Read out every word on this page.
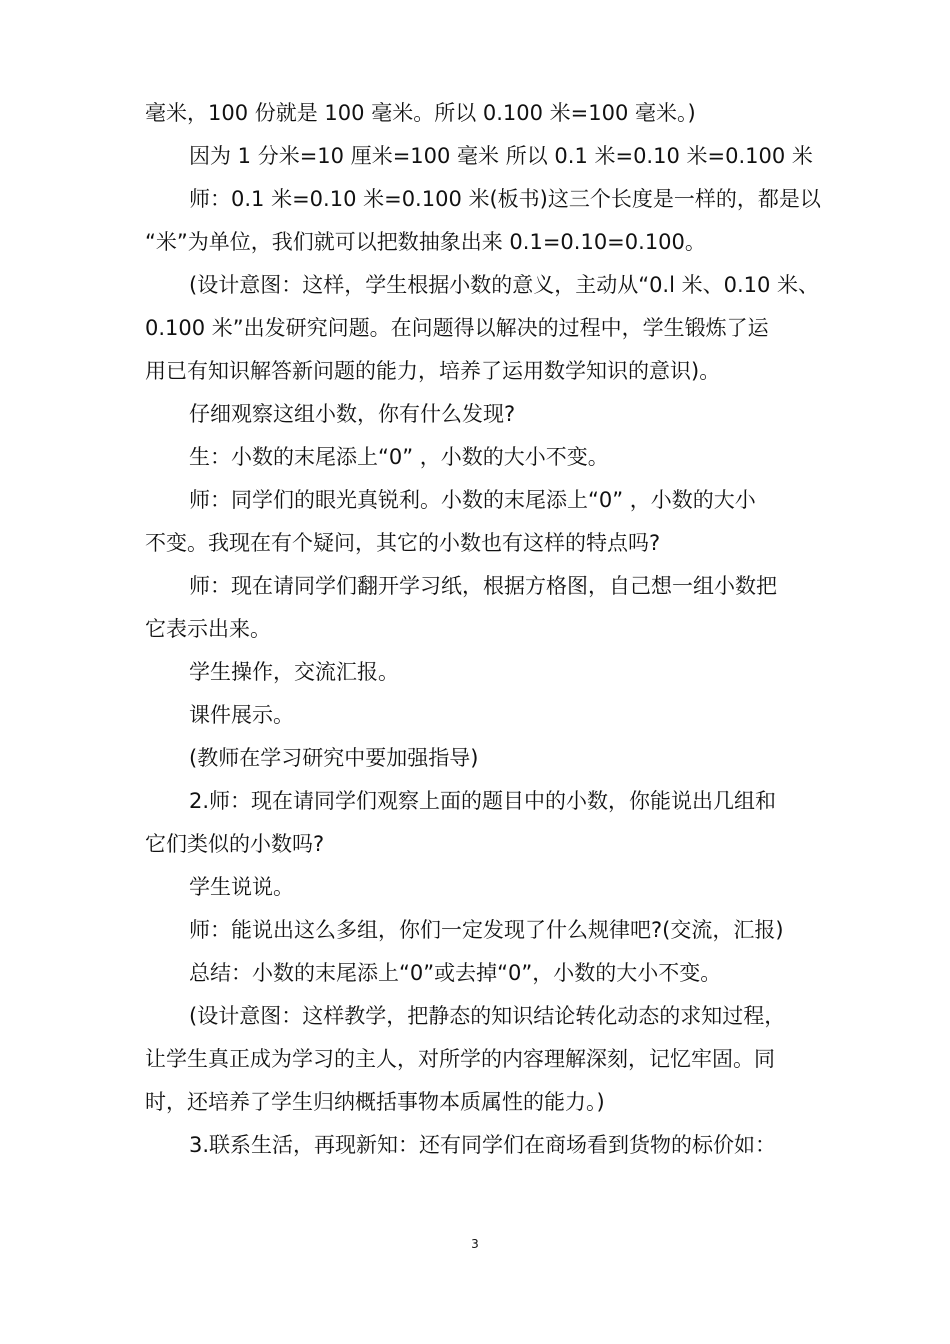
毫米，100 份就是 100 毫米。所以 0.100 米=100 毫米。)
因为 1 分米=10 厘米=100 毫米 所以 0.1 米=0.10 米=0.100 米
师：0.1 米=0.10 米=0.100 米(板书)这三个长度是一样的，都是以
“米”为单位，我们就可以把数抽象出来 0.1=0.10=0.100。
(设计意图：这样，学生根据小数的意义，主动从“0.l 米、0.10 米、
0.100 米”出发研究问题。在问题得以解决的过程中，学生锻炼了运
用已有知识解答新问题的能力，培养了运用数学知识的意识)。
仔细观察这组小数，你有什么发现?
生：小数的末尾添上“0” ，小数的大小不变。
师：同学们的眼光真锐利。小数的末尾添上“0” ，小数的大小
不变。我现在有个疑问，其它的小数也有这样的特点吗?
师：现在请同学们翻开学习纸，根据方格图，自己想一组小数把
它表示出来。
学生操作，交流汇报。
课件展示。
(教师在学习研究中要加强指导)
2.师：现在请同学们观察上面的题目中的小数，你能说出几组和
它们类似的小数吗?
学生说说。
师：能说出这么多组，你们一定发现了什么规律吧?(交流，汇报)
总结：小数的末尾添上“0”或去掉“0”，小数的大小不变。
(设计意图：这样教学，把静态的知识结论转化动态的求知过程，
让学生真正成为学习的主人，对所学的内容理解深刻，记忆牢固。同
时，还培养了学生归纳概括事物本质属性的能力。)
3.联系生活，再现新知：还有同学们在商场看到货物的标价如：
3
